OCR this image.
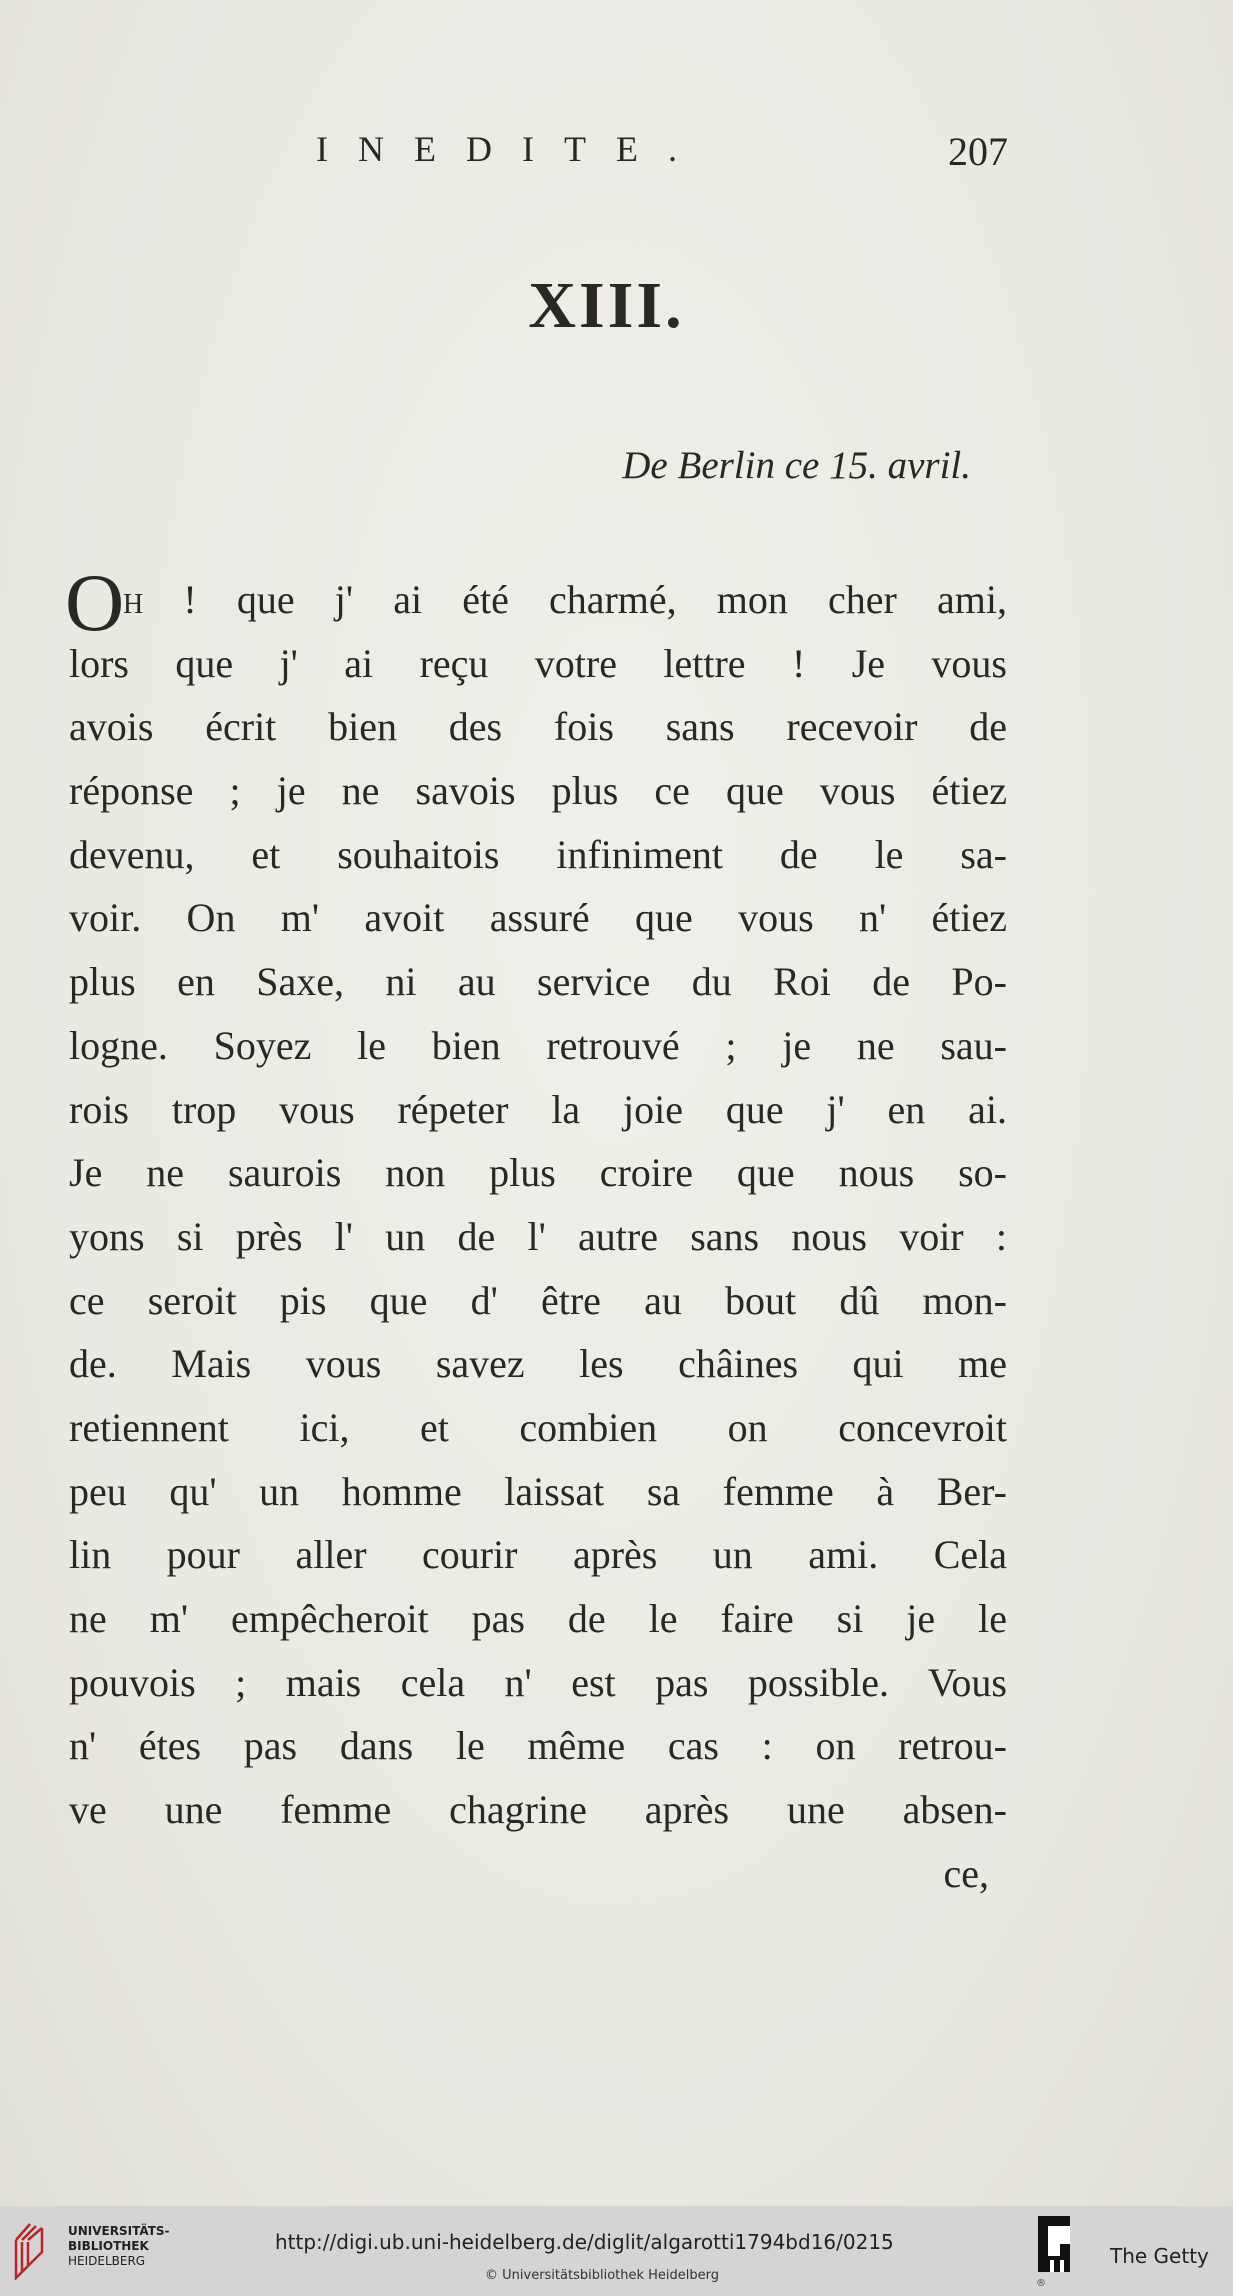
INEDITE.	207
XIII.
De Berlin ce 15. avril.
O
H ! que j' ai été charmé, mon cher ami,
lors que j' ai reçu votre lettre ! Je vous
avois écrit bien des fois sans recevoir de
réponse ; je ne savois plus ce que vous étiez
devenu, et souhaitois infiniment de le sa-
voir. On m' avoit assuré que vous n' étiez
plus en Saxe, ni au service du Roi de Po-
logne. Soyez le bien retrouvé ; je ne sau-
rois trop vous répeter la joie que j' en ai.
Je ne saurois non plus croire que nous so-
yons si près l' un de l' autre sans nous voir :
ce seroit pis que d' être au bout dû mon-
de. Mais vous savez les châines qui me
retiennent ici, et combien on concevroit
peu qu' un homme laissat sa femme à Ber-
lin pour aller courir après un ami. Cela
ne m' empêcheroit pas de le faire si je le
pouvois ; mais cela n' est pas possible. Vous
n' étes pas dans le même cas : on retrou-
ve une femme chagrine après une absen-
ce,
UNIVERSITÄTS-
BIBLIOTHEK
HEIDELBERG
http://digi.ub.uni-heidelberg.de/diglit/algarotti1794bd16/0215
© Universitätsbibliothek Heidelberg
®
The Getty
